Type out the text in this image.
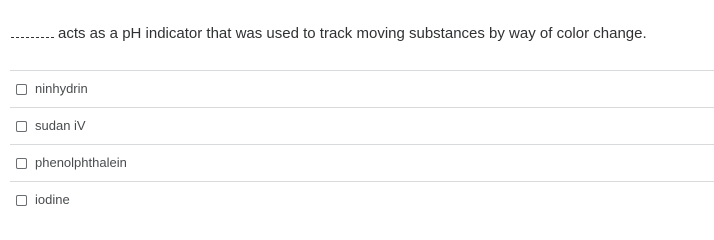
acts as a pH indicator that was used to track moving substances by way of color change.
ninhydrin
sudan iV
phenolphthalein
iodine
